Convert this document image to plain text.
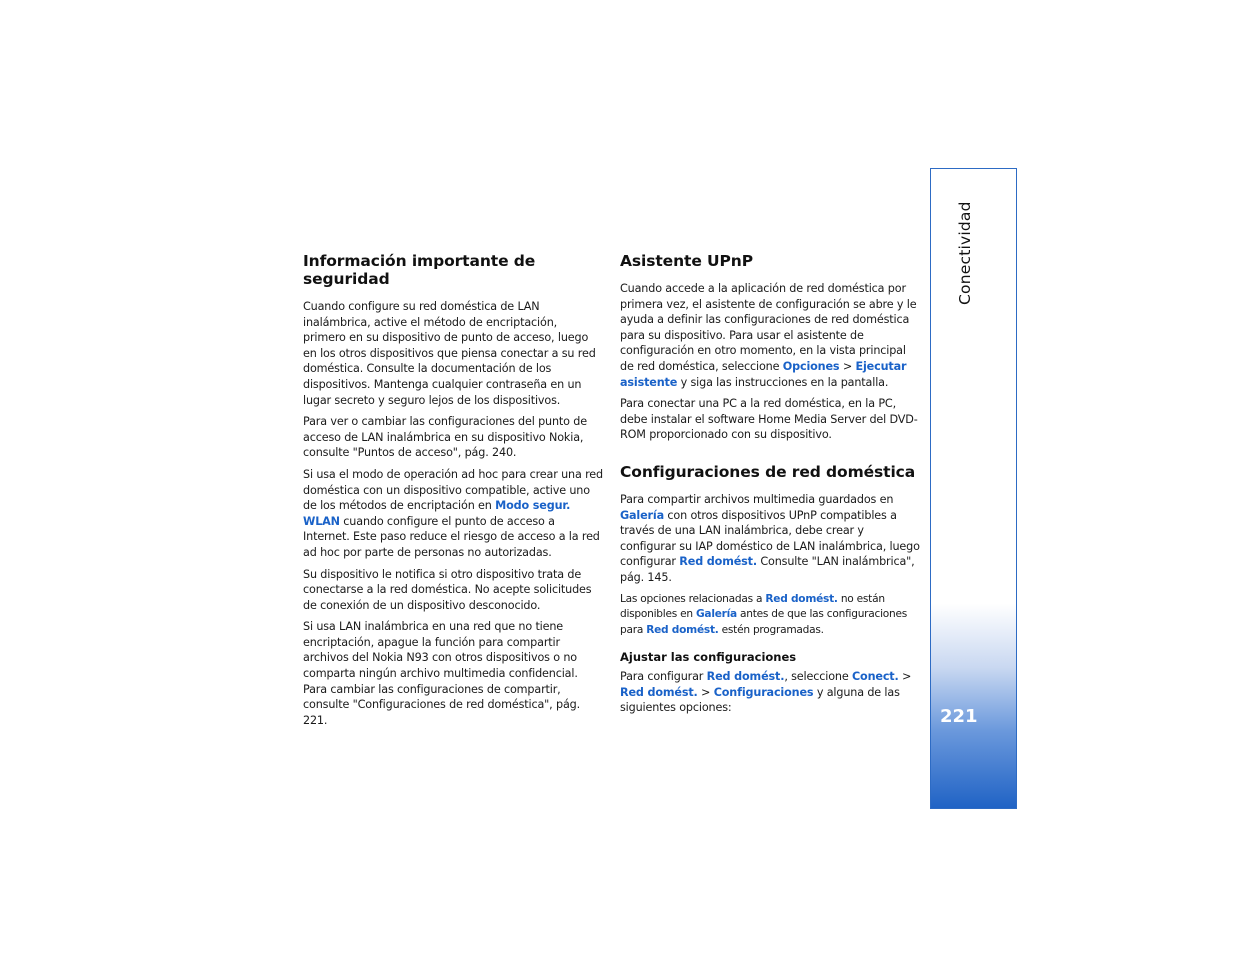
Información importante de seguridad

Cuando configure su red doméstica de LAN inalámbrica, active el método de encriptación, primero en su dispositivo de punto de acceso, luego en los otros dispositivos que piensa conectar a su red doméstica. Consulte la documentación de los dispositivos. Mantenga cualquier contraseña en un lugar secreto y seguro lejos de los dispositivos.

Para ver o cambiar las configuraciones del punto de acceso de LAN inalámbrica en su dispositivo Nokia, consulte "Puntos de acceso", pág. 240.

Si usa el modo de operación ad hoc para crear una red doméstica con un dispositivo compatible, active uno de los métodos de encriptación en Modo segur. WLAN cuando configure el punto de acceso a Internet. Este paso reduce el riesgo de acceso a la red ad hoc por parte de personas no autorizadas.

Su dispositivo le notifica si otro dispositivo trata de conectarse a la red doméstica. No acepte solicitudes de conexión de un dispositivo desconocido.

Si usa LAN inalámbrica en una red que no tiene encriptación, apague la función para compartir archivos del Nokia N93 con otros dispositivos o no comparta ningún archivo multimedia confidencial. Para cambiar las configuraciones de compartir, consulte "Configuraciones de red doméstica", pág. 221.

Asistente UPnP

Cuando accede a la aplicación de red doméstica por primera vez, el asistente de configuración se abre y le ayuda a definir las configuraciones de red doméstica para su dispositivo. Para usar el asistente de configuración en otro momento, en la vista principal de red doméstica, seleccione Opciones > Ejecutar asistente y siga las instrucciones en la pantalla.

Para conectar una PC a la red doméstica, en la PC, debe instalar el software Home Media Server del DVD-ROM proporcionado con su dispositivo.

Configuraciones de red doméstica

Para compartir archivos multimedia guardados en Galería con otros dispositivos UPnP compatibles a través de una LAN inalámbrica, debe crear y configurar su IAP doméstico de LAN inalámbrica, luego configurar Red domést. Consulte "LAN inalámbrica", pág. 145.

Las opciones relacionadas a Red domést. no están disponibles en Galería antes de que las configuraciones para Red domést. estén programadas.

Ajustar las configuraciones

Para configurar Red domést., seleccione Conect. > Red domést. > Configuraciones y alguna de las siguientes opciones:

Conectividad
221
